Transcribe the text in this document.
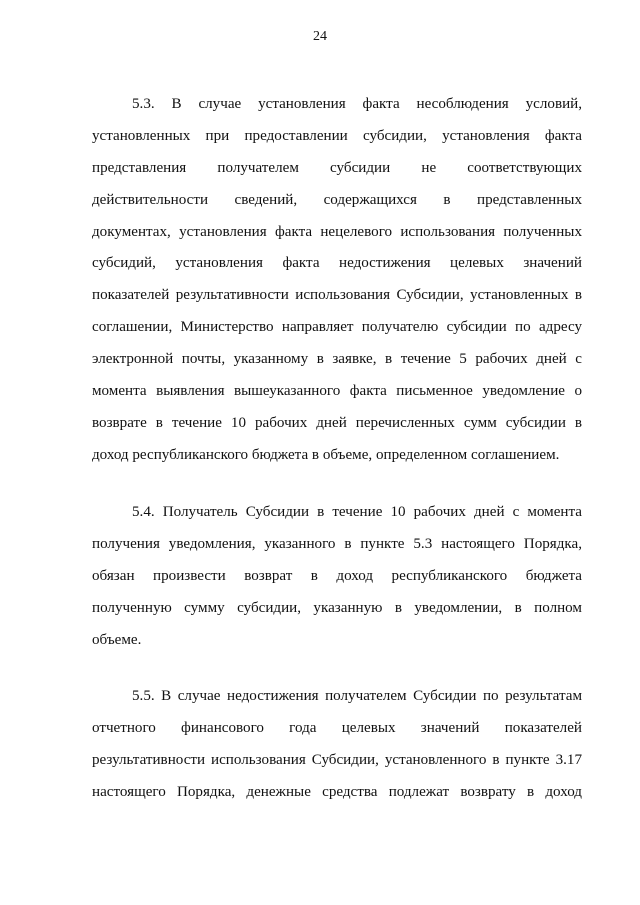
24
5.3. В случае установления факта несоблюдения условий,
установленных при предоставлении субсидии, установления факта
представления получателем субсидии не соответствующих
действительности сведений, содержащихся в представленных
документах, установления факта нецелевого использования полученных
субсидий, установления факта недостижения целевых значений
показателей результативности использования Субсидии, установленных в
соглашении, Министерство направляет получателю субсидии по адресу
электронной почты, указанному в заявке, в течение 5 рабочих дней с
момента выявления вышеуказанного факта письменное уведомление о
возврате в течение 10 рабочих дней перечисленных сумм субсидии в
доход республиканского бюджета в объеме, определенном соглашением.
5.4. Получатель Субсидии в течение 10 рабочих дней с момента
получения уведомления, указанного в пункте 5.3 настоящего Порядка,
обязан произвести возврат в доход республиканского бюджета
полученную сумму субсидии, указанную в уведомлении, в полном
объеме.
5.5. В случае недостижения получателем Субсидии по результатам
отчетного финансового года целевых значений показателей
результативности использования Субсидии, установленного в пункте 3.17
настоящего Порядка, денежные средства подлежат возврату в доход
